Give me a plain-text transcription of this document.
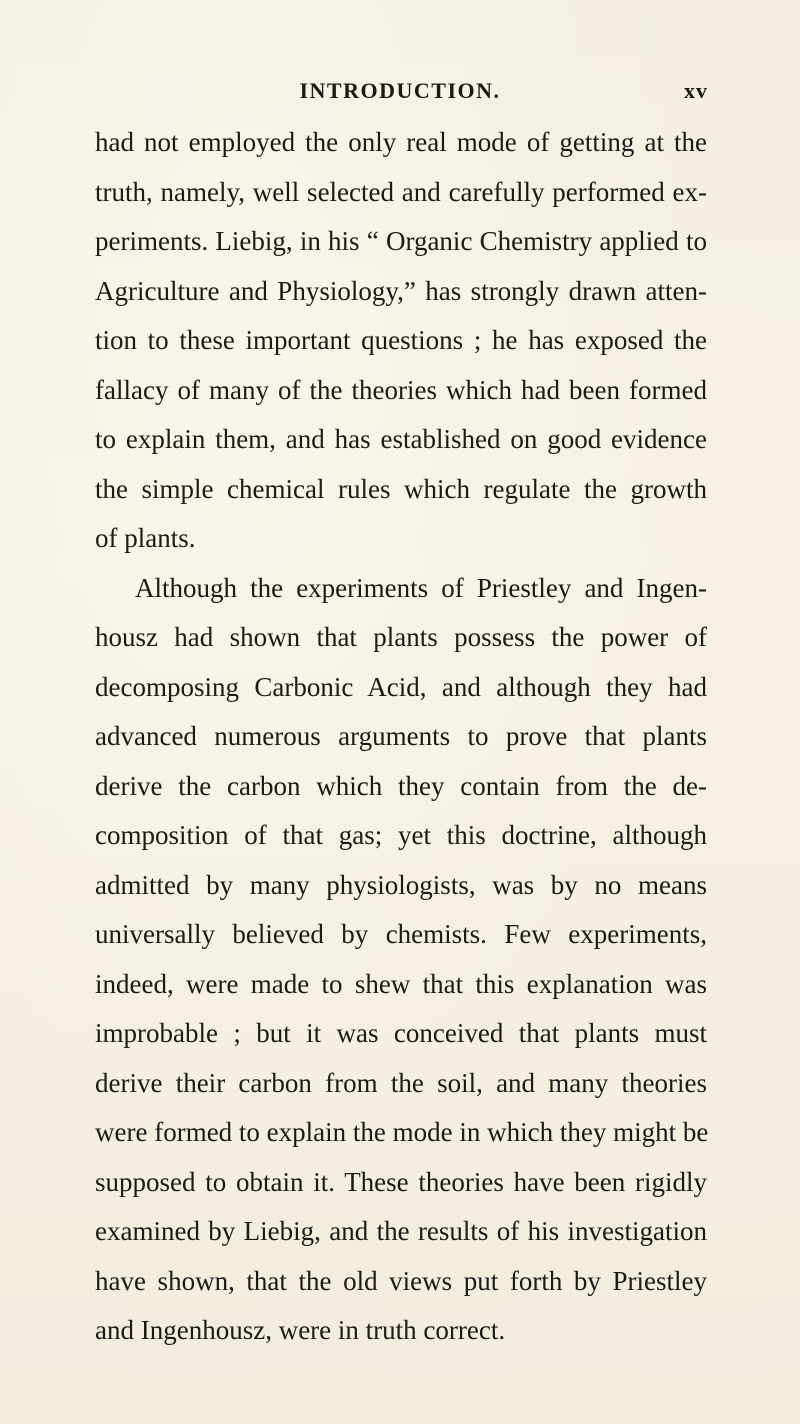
INTRODUCTION.	xv
had not employed the only real mode of getting at the
truth, namely, well selected and carefully performed ex-
periments. Liebig, in his “ Organic Chemistry applied to
Agriculture and Physiology,” has strongly drawn atten-
tion to these important questions ; he has exposed the
fallacy of many of the theories which had been formed
to explain them, and has established on good evidence
the simple chemical rules which regulate the growth
of plants.
Although the experiments of Priestley and Ingen-
housz had shown that plants possess the power of
decomposing Carbonic Acid, and although they had
advanced numerous arguments to prove that plants
derive the carbon which they contain from the de-
composition of that gas; yet this doctrine, although
admitted by many physiologists, was by no means
universally believed by chemists. Few experiments,
indeed, were made to shew that this explanation was
improbable ; but it was conceived that plants must
derive their carbon from the soil, and many theories
were formed to explain the mode in which they might be
supposed to obtain it. These theories have been rigidly
examined by Liebig, and the results of his investigation
have shown, that the old views put forth by Priestley
and Ingenhousz, were in truth correct.
